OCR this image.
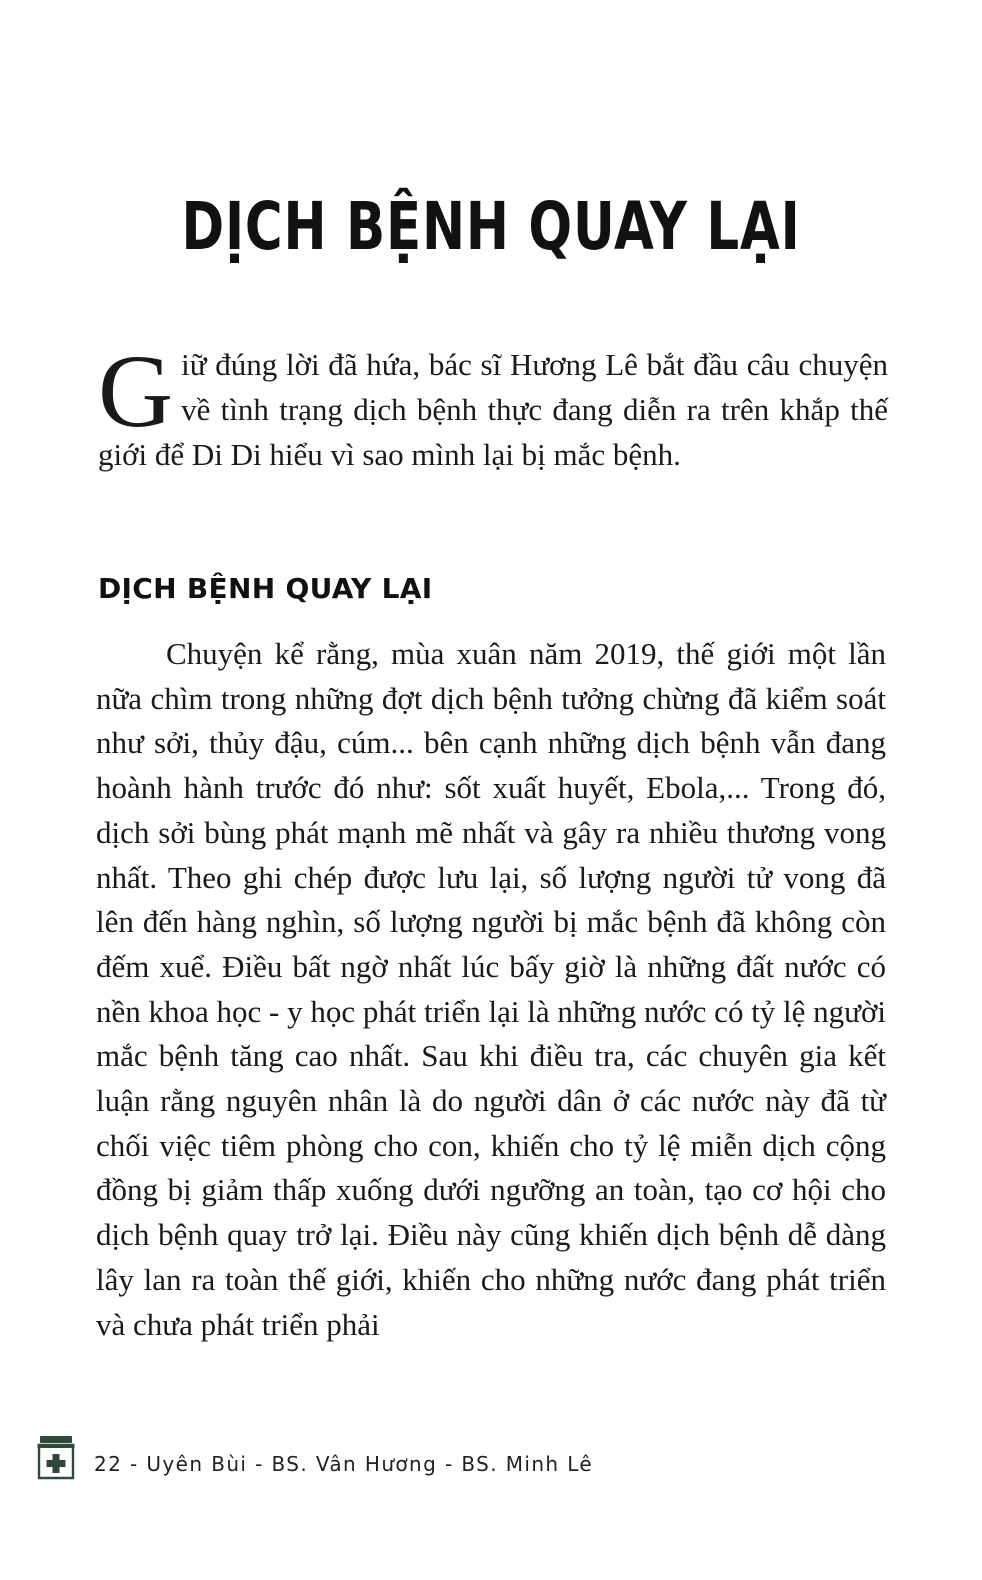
DỊCH BỆNH QUAY LẠI

Giữ đúng lời đã hứa, bác sĩ Hương Lê bắt đầu câu chuyện về tình trạng dịch bệnh thực đang diễn ra trên khắp thế giới để Di Di hiểu vì sao mình lại bị mắc bệnh.

DỊCH BỆNH QUAY LẠI

Chuyện kể rằng, mùa xuân năm 2019, thế giới một lần nữa chìm trong những đợt dịch bệnh tưởng chừng đã kiểm soát như sởi, thủy đậu, cúm... bên cạnh những dịch bệnh vẫn đang hoành hành trước đó như: sốt xuất huyết, Ebola,... Trong đó, dịch sởi bùng phát mạnh mẽ nhất và gây ra nhiều thương vong nhất. Theo ghi chép được lưu lại, số lượng người tử vong đã lên đến hàng nghìn, số lượng người bị mắc bệnh đã không còn đếm xuể. Điều bất ngờ nhất lúc bấy giờ là những đất nước có nền khoa học - y học phát triển lại là những nước có tỷ lệ người mắc bệnh tăng cao nhất. Sau khi điều tra, các chuyên gia kết luận rằng nguyên nhân là do người dân ở các nước này đã từ chối việc tiêm phòng cho con, khiến cho tỷ lệ miễn dịch cộng đồng bị giảm thấp xuống dưới ngưỡng an toàn, tạo cơ hội cho dịch bệnh quay trở lại. Điều này cũng khiến dịch bệnh dễ dàng lây lan ra toàn thế giới, khiến cho những nước đang phát triển và chưa phát triển phải

22 - Uyên Bùi - BS. Vân Hương - BS. Minh Lê
